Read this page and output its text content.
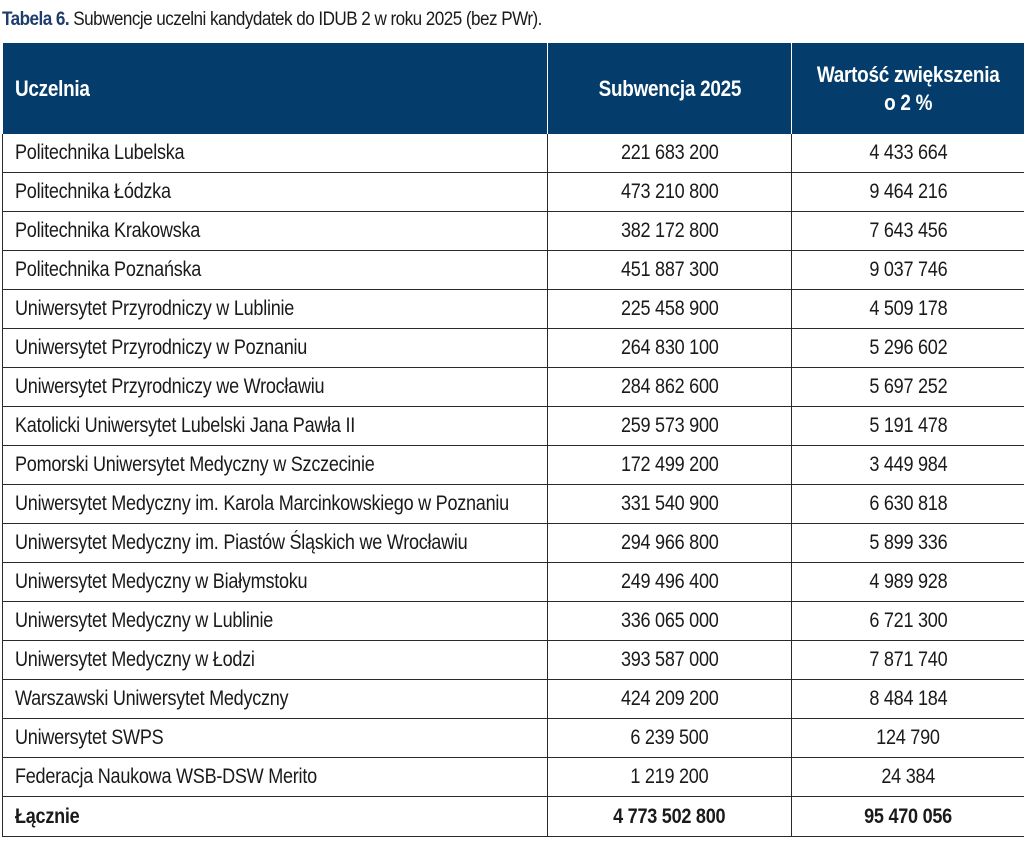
Tabela 6. Subwencje uczelni kandydatek do IDUB 2 w roku 2025 (bez PWr).
Uczelnia	Subwencja 2025	Wartość zwiększenia
o 2 %

Politechnika Lubelska	221 683 200	4 433 664
Politechnika Łódzka	473 210 800	9 464 216
Politechnika Krakowska	382 172 800	7 643 456
Politechnika Poznańska	451 887 300	9 037 746
Uniwersytet Przyrodniczy w Lublinie	225 458 900	4 509 178
Uniwersytet Przyrodniczy w Poznaniu	264 830 100	5 296 602
Uniwersytet Przyrodniczy we Wrocławiu	284 862 600	5 697 252
Katolicki Uniwersytet Lubelski Jana Pawła II	259 573 900	5 191 478
Pomorski Uniwersytet Medyczny w Szczecinie	172 499 200	3 449 984
Uniwersytet Medyczny im. Karola Marcinkowskiego w Poznaniu	331 540 900	6 630 818
Uniwersytet Medyczny im. Piastów Śląskich we Wrocławiu	294 966 800	5 899 336
Uniwersytet Medyczny w Białymstoku	249 496 400	4 989 928
Uniwersytet Medyczny w Lublinie	336 065 000	6 721 300
Uniwersytet Medyczny w Łodzi	393 587 000	7 871 740
Warszawski Uniwersytet Medyczny	424 209 200	8 484 184
Uniwersytet SWPS	6 239 500	124 790
Federacja Naukowa WSB-DSW Merito	1 219 200	24 384
Łącznie	4 773 502 800	95 470 056
